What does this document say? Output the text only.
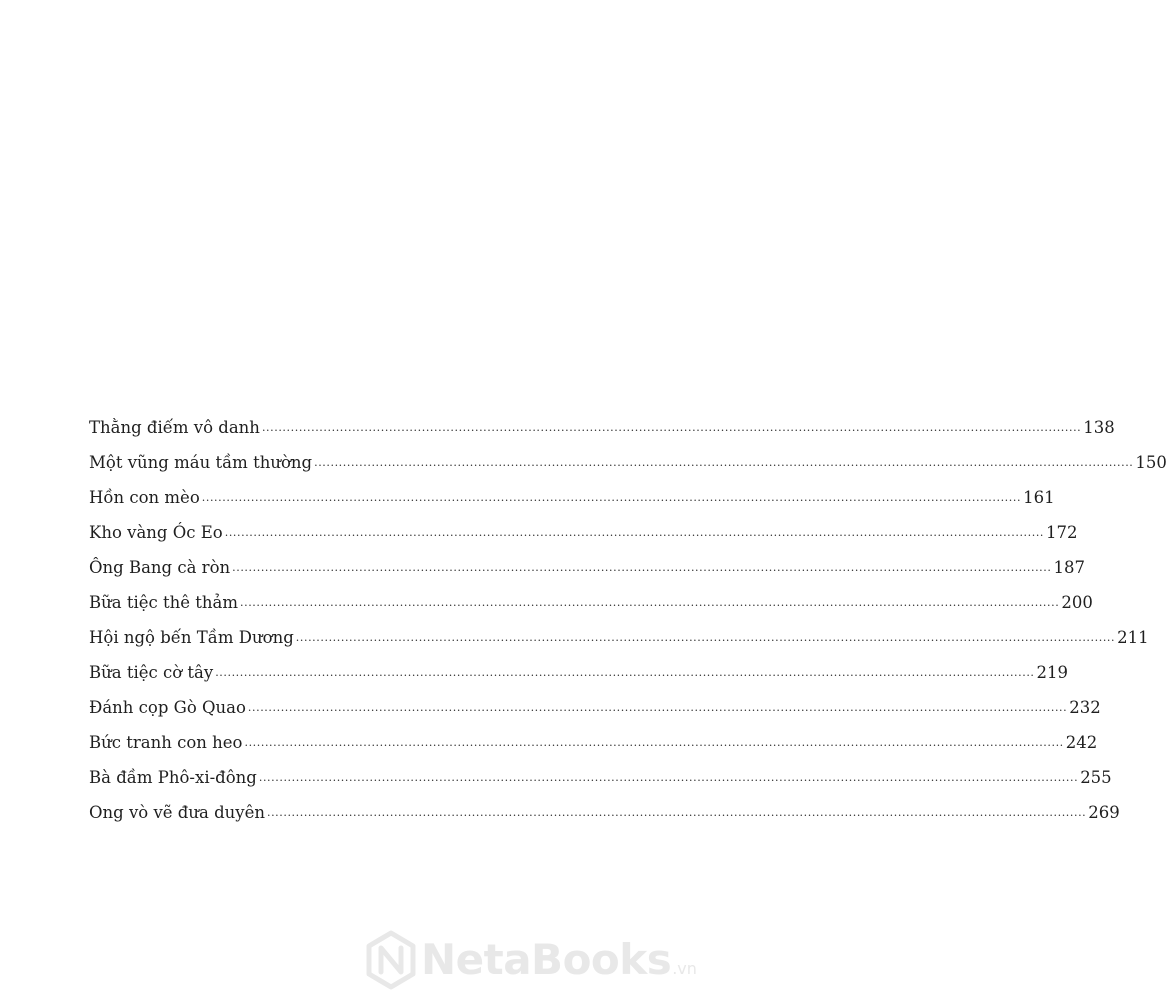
Thằng điếm vô danh ........................................................................................................................................................................................................ 138
Một vũng máu tầm thường ........................................................................................................................................................................................................ 150
Hồn con mèo ........................................................................................................................................................................................................ 161
Kho vàng Óc Eo ........................................................................................................................................................................................................ 172
Ông Bang cà ròn ........................................................................................................................................................................................................ 187
Bữa tiệc thê thảm ........................................................................................................................................................................................................ 200
Hội ngộ bến Tầm Dương ........................................................................................................................................................................................................ 211
Bữa tiệc cờ tây ........................................................................................................................................................................................................ 219
Đánh cọp Gò Quao ........................................................................................................................................................................................................ 232
Bức tranh con heo ........................................................................................................................................................................................................ 242
Bà đầm Phô-xi-đông ........................................................................................................................................................................................................ 255
Ong vò vẽ đưa duyên ........................................................................................................................................................................................................ 269
NetaBooks .vn
